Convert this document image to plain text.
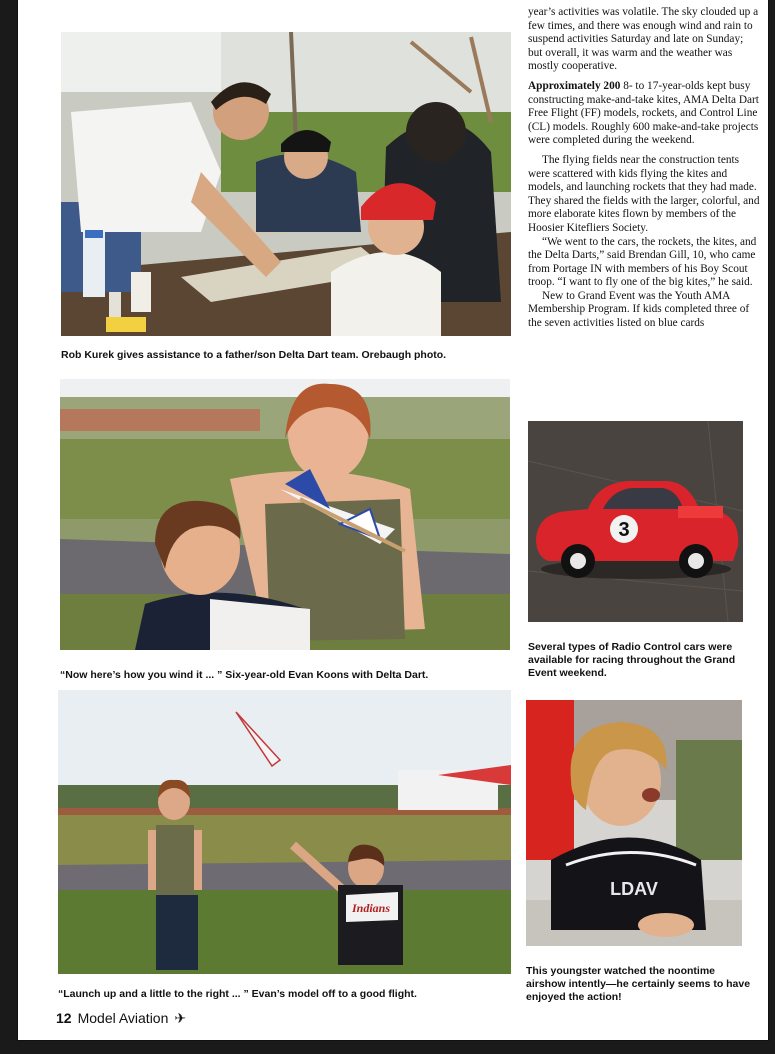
Rob Kurek gives assistance to a father/son Delta Dart team. Orebaugh photo.
“Now here’s how you wind it ... ” Six-year-old Evan Koons with Delta Dart.
3
Several types of Radio Control cars were available for racing throughout the Grand Event weekend.
Indians
“Launch up and a little to the right ... ” Evan’s model off to a good flight.
LDAV
This youngster watched the noontime airshow intently—he certainly seems to have enjoyed the action!

year’s activities was volatile. The sky clouded up a few times, and there was enough wind and rain to suspend activities Saturday and late on Sunday; but overall, it was warm and the weather was mostly cooperative.

Approximately 200 8- to 17-year-olds kept busy constructing make-and-take kites, AMA Delta Dart Free Flight (FF) models, rockets, and Control Line (CL) models. Roughly 600 make-and-take projects were completed during the weekend.

The flying fields near the construction tents were scattered with kids flying the kites and models, and launching rockets that they had made. They shared the fields with the larger, colorful, and more elaborate kites flown by members of the Hoosier Kitefliers Society.

“We went to the cars, the rockets, the kites, and the Delta Darts,” said Brendan Gill, 10, who came from Portage IN with members of his Boy Scout troop. “I want to fly one of the big kites,” he said.

New to Grand Event was the Youth AMA Membership Program. If kids completed three of the seven activities listed on blue cards

12 Model Aviation ✈
